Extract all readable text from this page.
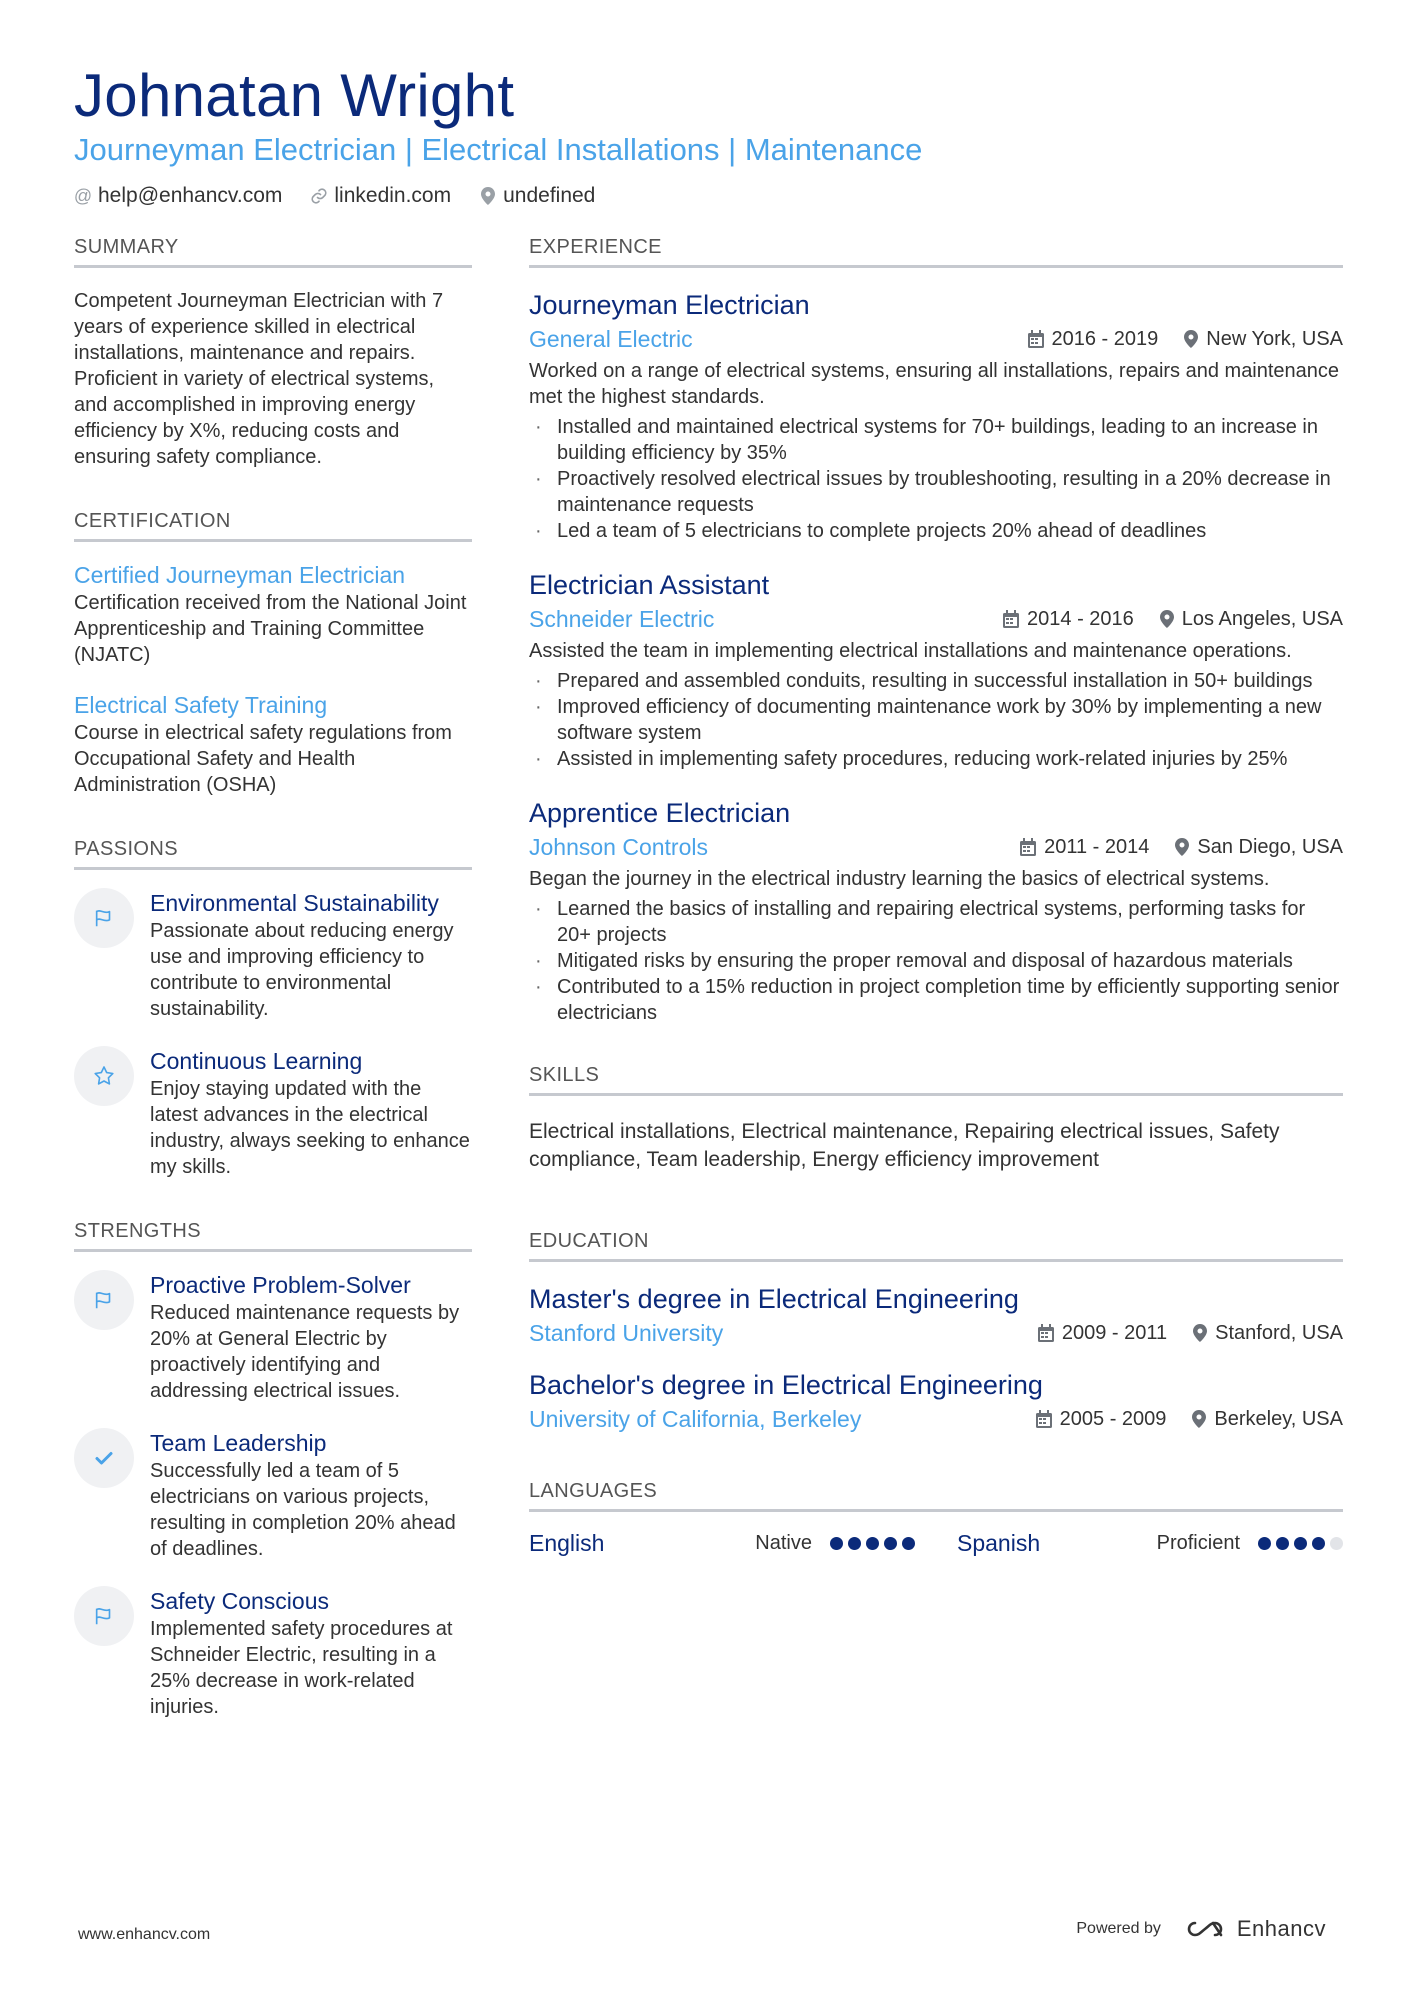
Johnatan Wright
Journeyman Electrician | Electrical Installations | Maintenance
@ help@enhancv.com linkedin.com undefined
SUMMARY
Competent Journeyman Electrician with 7 years of experience skilled in electrical installations, maintenance and repairs. Proficient in variety of electrical systems, and accomplished in improving energy efficiency by X%, reducing costs and ensuring safety compliance.
CERTIFICATION
Certified Journeyman Electrician
Certification received from the National Joint Apprenticeship and Training Committee (NJATC)
Electrical Safety Training
Course in electrical safety regulations from Occupational Safety and Health Administration (OSHA)
PASSIONS
Environmental Sustainability
Passionate about reducing energy use and improving efficiency to contribute to environmental sustainability.
Continuous Learning
Enjoy staying updated with the latest advances in the electrical industry, always seeking to enhance my skills.
STRENGTHS
Proactive Problem-Solver
Reduced maintenance requests by 20% at General Electric by proactively identifying and addressing electrical issues.
Team Leadership
Successfully led a team of 5 electricians on various projects, resulting in completion 20% ahead of deadlines.
Safety Conscious
Implemented safety procedures at Schneider Electric, resulting in a 25% decrease in work-related injuries.
EXPERIENCE
Journeyman Electrician
General Electric	2016 - 2019 New York, USA
Worked on a range of electrical systems, ensuring all installations, repairs and maintenance met the highest standards.
· Installed and maintained electrical systems for 70+ buildings, leading to an increase in building efficiency by 35%
· Proactively resolved electrical issues by troubleshooting, resulting in a 20% decrease in maintenance requests
· Led a team of 5 electricians to complete projects 20% ahead of deadlines
Electrician Assistant
Schneider Electric	2014 - 2016 Los Angeles, USA
Assisted the team in implementing electrical installations and maintenance operations.
· Prepared and assembled conduits, resulting in successful installation in 50+ buildings
· Improved efficiency of documenting maintenance work by 30% by implementing a new software system
· Assisted in implementing safety procedures, reducing work-related injuries by 25%
Apprentice Electrician
Johnson Controls	2011 - 2014 San Diego, USA
Began the journey in the electrical industry learning the basics of electrical systems.
· Learned the basics of installing and repairing electrical systems, performing tasks for 20+ projects
· Mitigated risks by ensuring the proper removal and disposal of hazardous materials
· Contributed to a 15% reduction in project completion time by efficiently supporting senior electricians
SKILLS
Electrical installations, Electrical maintenance, Repairing electrical issues, Safety compliance, Team leadership, Energy efficiency improvement
EDUCATION
Master's degree in Electrical Engineering
Stanford University	2009 - 2011 Stanford, USA
Bachelor's degree in Electrical Engineering
University of California, Berkeley	2005 - 2009 Berkeley, USA
LANGUAGES
English	Native	Spanish	Proficient
www.enhancv.com	Powered by	Enhancv
